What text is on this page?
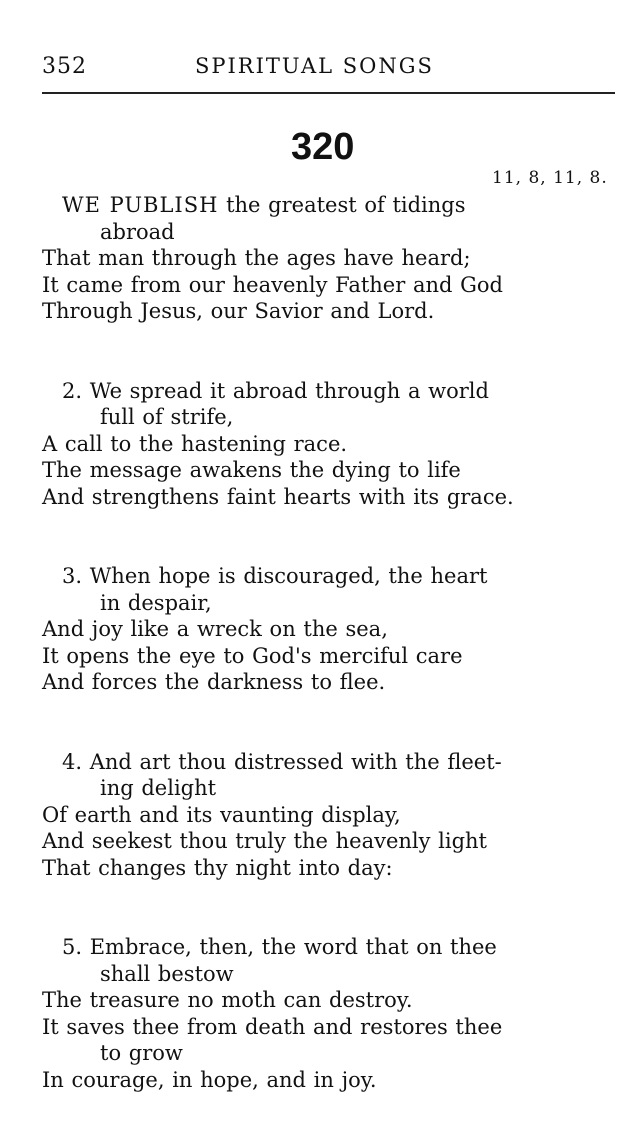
352	SPIRITUAL SONGS
320
11, 8, 11, 8.
WE PUBLISH the greatest of tidings
abroad
That man through the ages have heard;
It came from our heavenly Father and God
Through Jesus, our Savior and Lord.
2. We spread it abroad through a world
full of strife,
A call to the hastening race.
The message awakens the dying to life
And strengthens faint hearts with its grace.
3. When hope is discouraged, the heart
in despair,
And joy like a wreck on the sea,
It opens the eye to God's merciful care
And forces the darkness to flee.
4. And art thou distressed with the fleet-
ing delight
Of earth and its vaunting display,
And seekest thou truly the heavenly light
That changes thy night into day:
5. Embrace, then, the word that on thee
shall bestow
The treasure no moth can destroy.
It saves thee from death and restores thee
to grow
In courage, in hope, and in joy.
